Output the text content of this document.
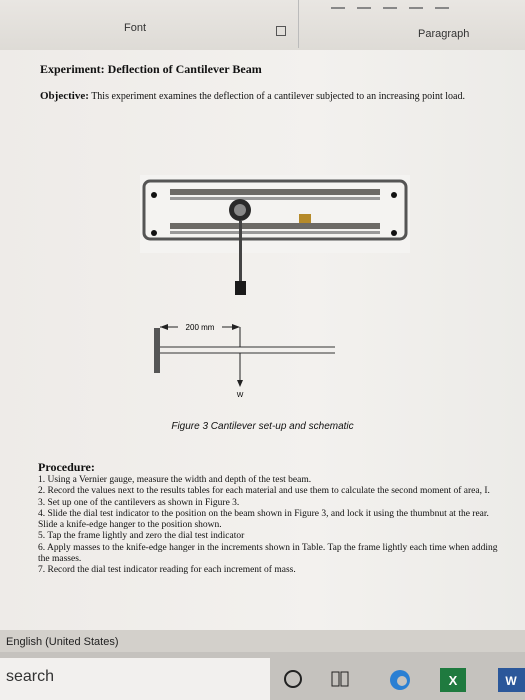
Font	Paragraph
Experiment: Deflection of Cantilever Beam
Objective: This experiment examines the deflection of a cantilever subjected to an increasing point load.
200 mm
W
Figure 3 Cantilever set-up and schematic
Procedure:
1. Using a Vernier gauge, measure the width and depth of the test beam.
2. Record the values next to the results tables for each material and use them to calculate the second moment of area, I.
3. Set up one of the cantilevers as shown in Figure 3.
4. Slide the dial test indicator to the position on the beam shown in Figure 3, and lock it using the thumbnut at the rear. Slide a knife-edge hanger to the position shown.
5. Tap the frame lightly and zero the dial test indicator
6. Apply masses to the knife-edge hanger in the increments shown in Table. Tap the frame lightly each time when adding the masses.
7. Record the dial test indicator reading for each increment of mass.
English (United States)
search	X	W
